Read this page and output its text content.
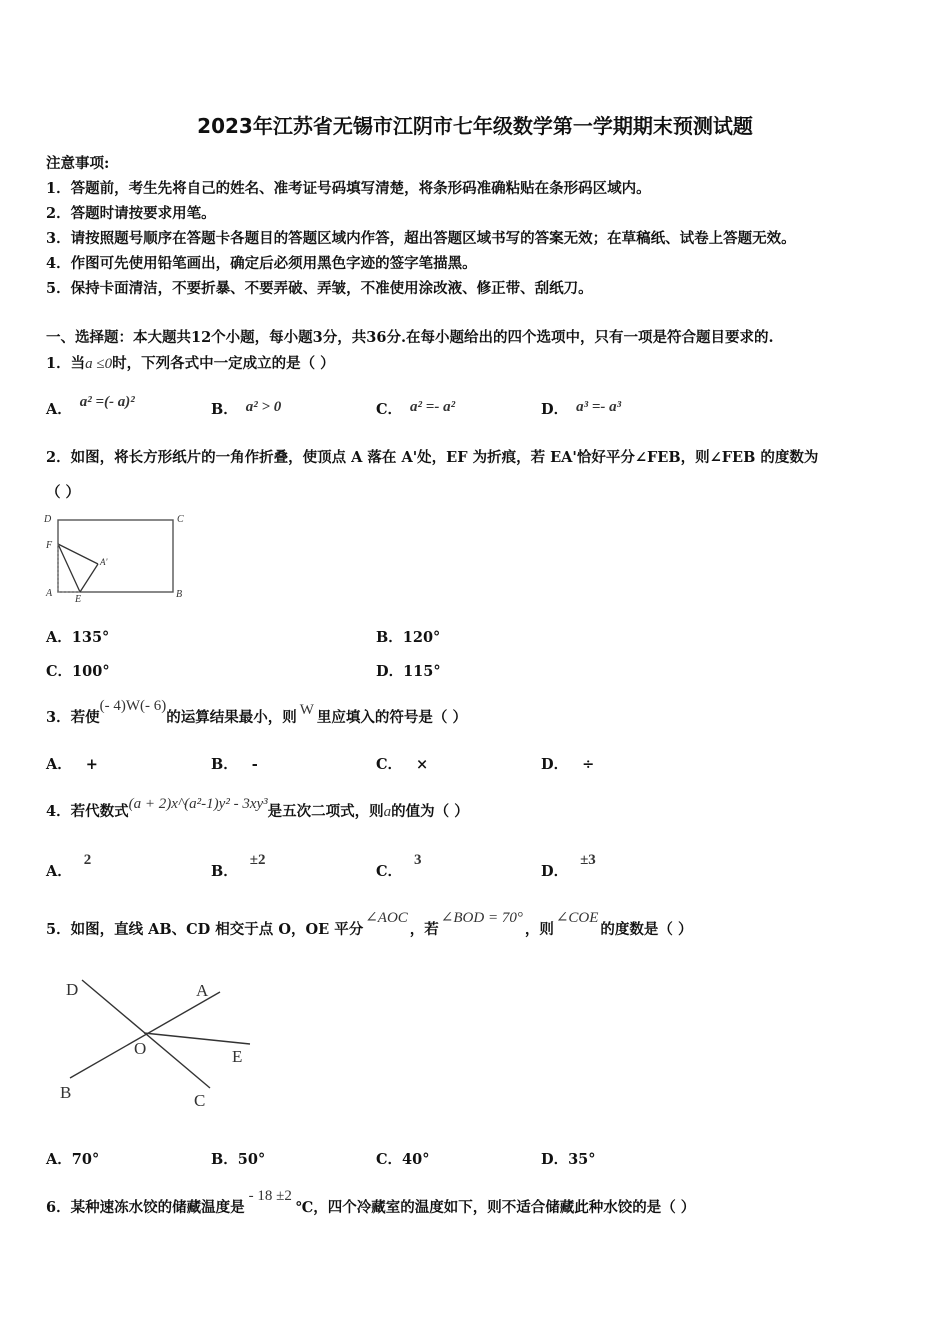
2023年江苏省无锡市江阴市七年级数学第一学期期末预测试题
注意事项:
1．答题前，考生先将自己的姓名、准考证号码填写清楚，将条形码准确粘贴在条形码区域内。
2．答题时请按要求用笔。
3．请按照题号顺序在答题卡各题目的答题区域内作答，超出答题区域书写的答案无效；在草稿纸、试卷上答题无效。
4．作图可先使用铅笔画出，确定后必须用黑色字迹的签字笔描黑。
5．保持卡面清洁，不要折暴、不要弄破、弄皱，不准使用涂改液、修正带、刮纸刀。
一、选择题：本大题共12个小题，每小题3分，共36分.在每小题给出的四个选项中，只有一项是符合题目要求的.
1．当a ≤0时，下列各式中一定成立的是（ ）
A． a² =(- a)²	B． a² > 0	C． a² =- a²	D． a³ =- a³
2．如图，将长方形纸片的一角作折叠，使顶点 A 落在 A'处，EF 为折痕，若 EA'恰好平分∠FEB，则∠FEB 的度数为
（ ）
D	C
F
A'
A
E	B
A．135°	B．120°
C．100°	D．115°
3．若使(- 4)W(- 6)的运算结果最小，则 W 里应填入的符号是（ ）
A． +	B． -	C． ×	D． ÷
4．若代数式(a + 2)x^(a²-1)y² - 3xy³是五次二项式，则a的值为（ ）
A．2
B．±2
C．3
D．±3
5．如图，直线 AB、CD 相交于点 O，OE 平分∠AOC，若∠BOD = 70°，则∠COE的度数是（ ）
D	A
O	E
B	C
A．70°	B．50°	C．40°	D．35°
6．某种速冻水饺的储藏温度是- 18 ±2℃，四个冷藏室的温度如下，则不适合储藏此种水饺的是（ ）
